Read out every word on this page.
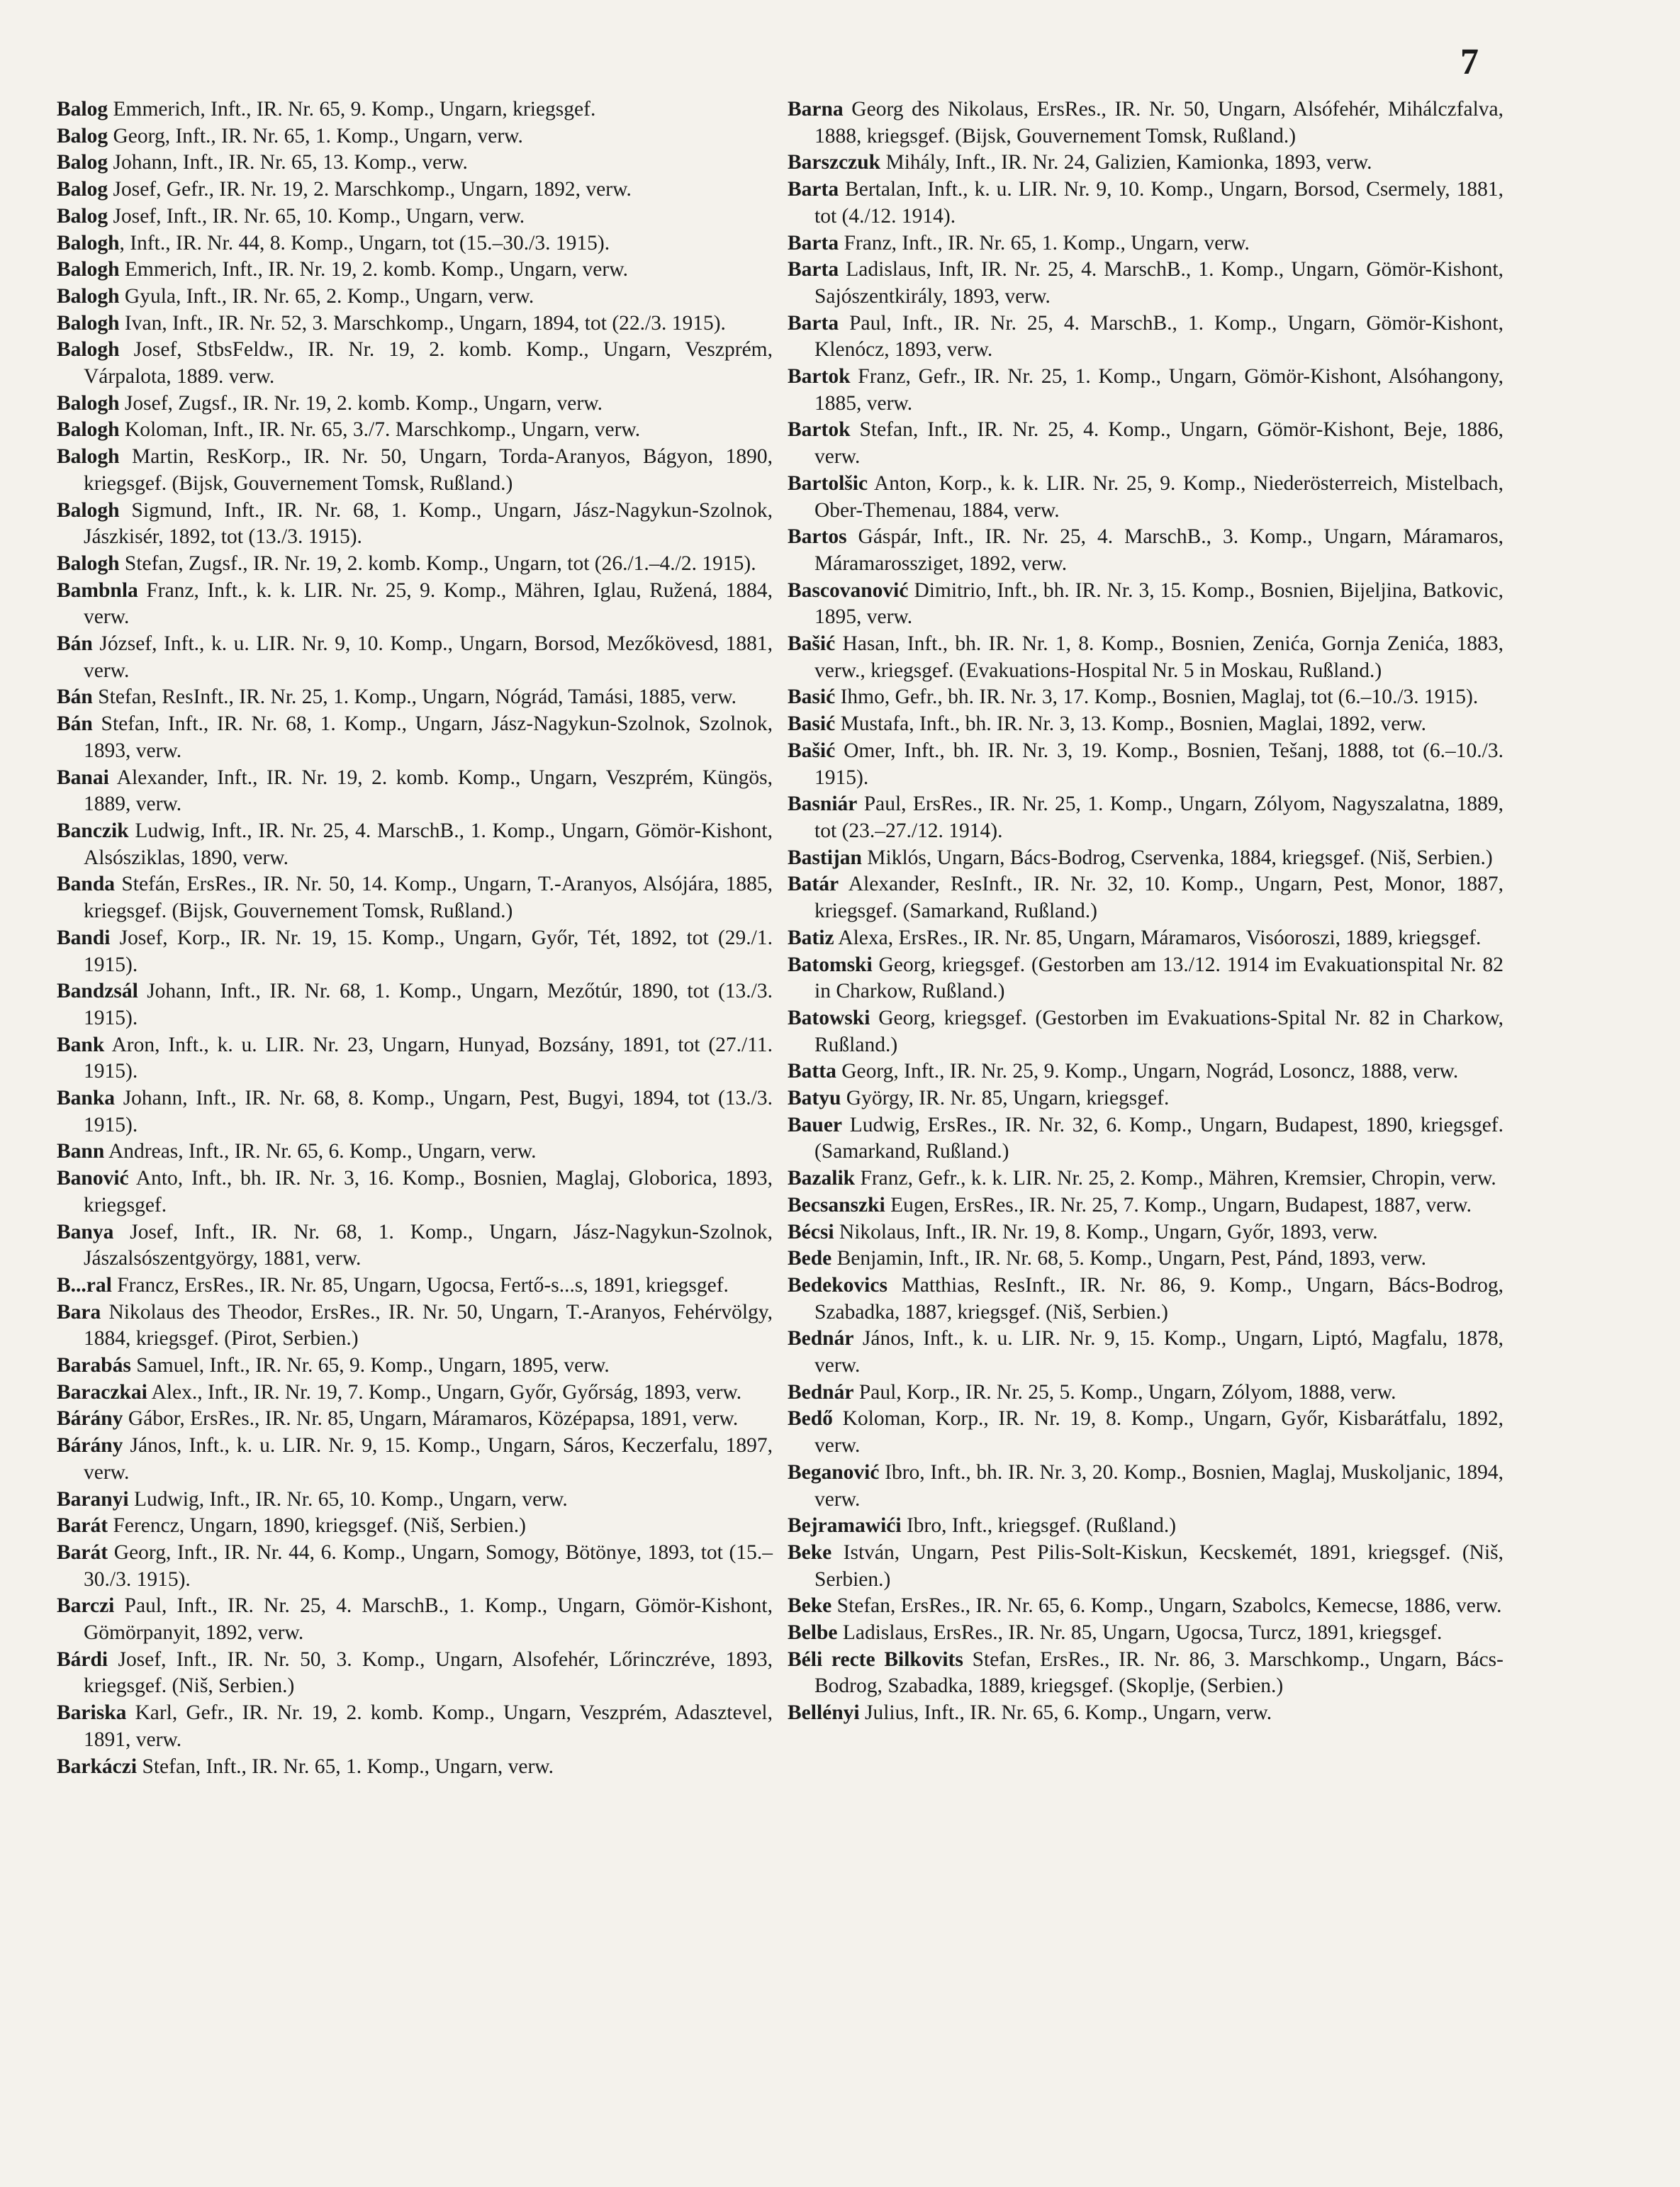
7

Balog Emmerich, Inft., IR. Nr. 65, 9. Komp., Ungarn, kriegsgef.

Balog Georg, Inft., IR. Nr. 65, 1. Komp., Ungarn, verw.

Balog Johann, Inft., IR. Nr. 65, 13. Komp., verw.

Balog Josef, Gefr., IR. Nr. 19, 2. Marschkomp., Ungarn, 1892, verw.

Balog Josef, Inft., IR. Nr. 65, 10. Komp., Ungarn, verw.

Balogh, Inft., IR. Nr. 44, 8. Komp., Ungarn, tot (15.–30./3. 1915).

Balogh Emmerich, Inft., IR. Nr. 19, 2. komb. Komp., Ungarn, verw.

Balogh Gyula, Inft., IR. Nr. 65, 2. Komp., Ungarn, verw.

Balogh Ivan, Inft., IR. Nr. 52, 3. Marschkomp., Ungarn, 1894, tot (22./3. 1915).

Balogh Josef, StbsFeldw., IR. Nr. 19, 2. komb. Komp., Ungarn, Veszprém, Várpalota, 1889. verw.

Balogh Josef, Zugsf., IR. Nr. 19, 2. komb. Komp., Ungarn, verw.

Balogh Koloman, Inft., IR. Nr. 65, 3./7. Marschkomp., Ungarn, verw.

Balogh Martin, ResKorp., IR. Nr. 50, Ungarn, Torda-Aranyos, Bágyon, 1890, kriegsgef. (Bijsk, Gouvernement Tomsk, Rußland.)

Balogh Sigmund, Inft., IR. Nr. 68, 1. Komp., Ungarn, Jász-Nagykun-Szolnok, Jászkisér, 1892, tot (13./3. 1915).

Balogh Stefan, Zugsf., IR. Nr. 19, 2. komb. Komp., Ungarn, tot (26./1.–4./2. 1915).

Bambnla Franz, Inft., k. k. LIR. Nr. 25, 9. Komp., Mähren, Iglau, Ružená, 1884, verw.

Bán József, Inft., k. u. LIR. Nr. 9, 10. Komp., Ungarn, Borsod, Mezőkövesd, 1881, verw.

Bán Stefan, ResInft., IR. Nr. 25, 1. Komp., Ungarn, Nógrád, Tamási, 1885, verw.

Bán Stefan, Inft., IR. Nr. 68, 1. Komp., Ungarn, Jász-Nagykun-Szolnok, Szolnok, 1893, verw.

Banai Alexander, Inft., IR. Nr. 19, 2. komb. Komp., Ungarn, Veszprém, Küngös, 1889, verw.

Banczik Ludwig, Inft., IR. Nr. 25, 4. MarschB., 1. Komp., Ungarn, Gömör-Kishont, Alsósziklas, 1890, verw.

Banda Stefán, ErsRes., IR. Nr. 50, 14. Komp., Ungarn, T.-Aranyos, Alsójára, 1885, kriegsgef. (Bijsk, Gouvernement Tomsk, Rußland.)

Bandi Josef, Korp., IR. Nr. 19, 15. Komp., Ungarn, Győr, Tét, 1892, tot (29./1. 1915).

Bandzsál Johann, Inft., IR. Nr. 68, 1. Komp., Ungarn, Mezőtúr, 1890, tot (13./3. 1915).

Bank Aron, Inft., k. u. LIR. Nr. 23, Ungarn, Hunyad, Bozsány, 1891, tot (27./11. 1915).

Banka Johann, Inft., IR. Nr. 68, 8. Komp., Ungarn, Pest, Bugyi, 1894, tot (13./3. 1915).

Bann Andreas, Inft., IR. Nr. 65, 6. Komp., Ungarn, verw.

Banović Anto, Inft., bh. IR. Nr. 3, 16. Komp., Bosnien, Maglaj, Globorica, 1893, kriegsgef.

Banya Josef, Inft., IR. Nr. 68, 1. Komp., Ungarn, Jász-Nagykun-Szolnok, Jászalsószentgyörgy, 1881, verw.

B...ral Francz, ErsRes., IR. Nr. 85, Ungarn, Ugocsa, Fertő-s...s, 1891, kriegsgef.

Bara Nikolaus des Theodor, ErsRes., IR. Nr. 50, Ungarn, T.-Aranyos, Fehérvölgy, 1884, kriegsgef. (Pirot, Serbien.)

Barabás Samuel, Inft., IR. Nr. 65, 9. Komp., Ungarn, 1895, verw.

Baraczkai Alex., Inft., IR. Nr. 19, 7. Komp., Ungarn, Győr, Győrság, 1893, verw.

Bárány Gábor, ErsRes., IR. Nr. 85, Ungarn, Máramaros, Középapsa, 1891, verw.

Bárány János, Inft., k. u. LIR. Nr. 9, 15. Komp., Ungarn, Sáros, Keczerfalu, 1897, verw.

Baranyi Ludwig, Inft., IR. Nr. 65, 10. Komp., Ungarn, verw.

Barát Ferencz, Ungarn, 1890, kriegsgef. (Niš, Serbien.)

Barát Georg, Inft., IR. Nr. 44, 6. Komp., Ungarn, Somogy, Bötönye, 1893, tot (15.–30./3. 1915).

Barczi Paul, Inft., IR. Nr. 25, 4. MarschB., 1. Komp., Ungarn, Gömör-Kishont, Gömörpanyit, 1892, verw.

Bárdi Josef, Inft., IR. Nr. 50, 3. Komp., Ungarn, Alsofehér, Lőrinczréve, 1893, kriegsgef. (Niš, Serbien.)

Bariska Karl, Gefr., IR. Nr. 19, 2. komb. Komp., Ungarn, Veszprém, Adasztevel, 1891, verw.

Barkáczi Stefan, Inft., IR. Nr. 65, 1. Komp., Ungarn, verw.

Barna Georg des Nikolaus, ErsRes., IR. Nr. 50, Ungarn, Alsófehér, Mihálczfalva, 1888, kriegsgef. (Bijsk, Gouvernement Tomsk, Rußland.)

Barszczuk Mihály, Inft., IR. Nr. 24, Galizien, Kamionka, 1893, verw.

Barta Bertalan, Inft., k. u. LIR. Nr. 9, 10. Komp., Ungarn, Borsod, Csermely, 1881, tot (4./12. 1914).

Barta Franz, Inft., IR. Nr. 65, 1. Komp., Ungarn, verw.

Barta Ladislaus, Inft, IR. Nr. 25, 4. MarschB., 1. Komp., Ungarn, Gömör-Kishont, Sajószentkirály, 1893, verw.

Barta Paul, Inft., IR. Nr. 25, 4. MarschB., 1. Komp., Ungarn, Gömör-Kishont, Klenócz, 1893, verw.

Bartok Franz, Gefr., IR. Nr. 25, 1. Komp., Ungarn, Gömör-Kishont, Alsóhangony, 1885, verw.

Bartok Stefan, Inft., IR. Nr. 25, 4. Komp., Ungarn, Gömör-Kishont, Beje, 1886, verw.

Bartolšic Anton, Korp., k. k. LIR. Nr. 25, 9. Komp., Niederösterreich, Mistelbach, Ober-Themenau, 1884, verw.

Bartos Gáspár, Inft., IR. Nr. 25, 4. MarschB., 3. Komp., Ungarn, Máramaros, Máramarossziget, 1892, verw.

Bascovanović Dimitrio, Inft., bh. IR. Nr. 3, 15. Komp., Bosnien, Bijeljina, Batkovic, 1895, verw.

Bašić Hasan, Inft., bh. IR. Nr. 1, 8. Komp., Bosnien, Zenića, Gornja Zenića, 1883, verw., kriegsgef. (Evakuations-Hospital Nr. 5 in Moskau, Rußland.)

Basić Ihmo, Gefr., bh. IR. Nr. 3, 17. Komp., Bosnien, Maglaj, tot (6.–10./3. 1915).

Basić Mustafa, Inft., bh. IR. Nr. 3, 13. Komp., Bosnien, Maglai, 1892, verw.

Bašić Omer, Inft., bh. IR. Nr. 3, 19. Komp., Bosnien, Tešanj, 1888, tot (6.–10./3. 1915).

Basniár Paul, ErsRes., IR. Nr. 25, 1. Komp., Ungarn, Zólyom, Nagyszalatna, 1889, tot (23.–27./12. 1914).

Bastijan Miklós, Ungarn, Bács-Bodrog, Cservenka, 1884, kriegsgef. (Niš, Serbien.)

Batár Alexander, ResInft., IR. Nr. 32, 10. Komp., Ungarn, Pest, Monor, 1887, kriegsgef. (Samarkand, Rußland.)

Batiz Alexa, ErsRes., IR. Nr. 85, Ungarn, Máramaros, Visóoroszi, 1889, kriegsgef.

Batomski Georg, kriegsgef. (Gestorben am 13./12. 1914 im Evakuationspital Nr. 82 in Charkow, Rußland.)

Batowski Georg, kriegsgef. (Gestorben im Evakuations-Spital Nr. 82 in Charkow, Rußland.)

Batta Georg, Inft., IR. Nr. 25, 9. Komp., Ungarn, Nográd, Losoncz, 1888, verw.

Batyu György, IR. Nr. 85, Ungarn, kriegsgef.

Bauer Ludwig, ErsRes., IR. Nr. 32, 6. Komp., Ungarn, Budapest, 1890, kriegsgef. (Samarkand, Rußland.)

Bazalik Franz, Gefr., k. k. LIR. Nr. 25, 2. Komp., Mähren, Kremsier, Chropin, verw.

Becsanszki Eugen, ErsRes., IR. Nr. 25, 7. Komp., Ungarn, Budapest, 1887, verw.

Bécsi Nikolaus, Inft., IR. Nr. 19, 8. Komp., Ungarn, Győr, 1893, verw.

Bede Benjamin, Inft., IR. Nr. 68, 5. Komp., Ungarn, Pest, Pánd, 1893, verw.

Bedekovics Matthias, ResInft., IR. Nr. 86, 9. Komp., Ungarn, Bács-Bodrog, Szabadka, 1887, kriegsgef. (Niš, Serbien.)

Bednár János, Inft., k. u. LIR. Nr. 9, 15. Komp., Ungarn, Liptó, Magfalu, 1878, verw.

Bednár Paul, Korp., IR. Nr. 25, 5. Komp., Ungarn, Zólyom, 1888, verw.

Bedő Koloman, Korp., IR. Nr. 19, 8. Komp., Ungarn, Győr, Kisbarátfalu, 1892, verw.

Beganović Ibro, Inft., bh. IR. Nr. 3, 20. Komp., Bosnien, Maglaj, Muskoljanic, 1894, verw.

Bejramawići Ibro, Inft., kriegsgef. (Rußland.)

Beke István, Ungarn, Pest Pilis-Solt-Kiskun, Kecskemét, 1891, kriegsgef. (Niš, Serbien.)

Beke Stefan, ErsRes., IR. Nr. 65, 6. Komp., Ungarn, Szabolcs, Kemecse, 1886, verw.

Belbe Ladislaus, ErsRes., IR. Nr. 85, Ungarn, Ugocsa, Turcz, 1891, kriegsgef.

Béli recte Bilkovits Stefan, ErsRes., IR. Nr. 86, 3. Marschkomp., Ungarn, Bács-Bodrog, Szabadka, 1889, kriegsgef. (Skoplje, (Serbien.)

Bellényi Julius, Inft., IR. Nr. 65, 6. Komp., Ungarn, verw.
